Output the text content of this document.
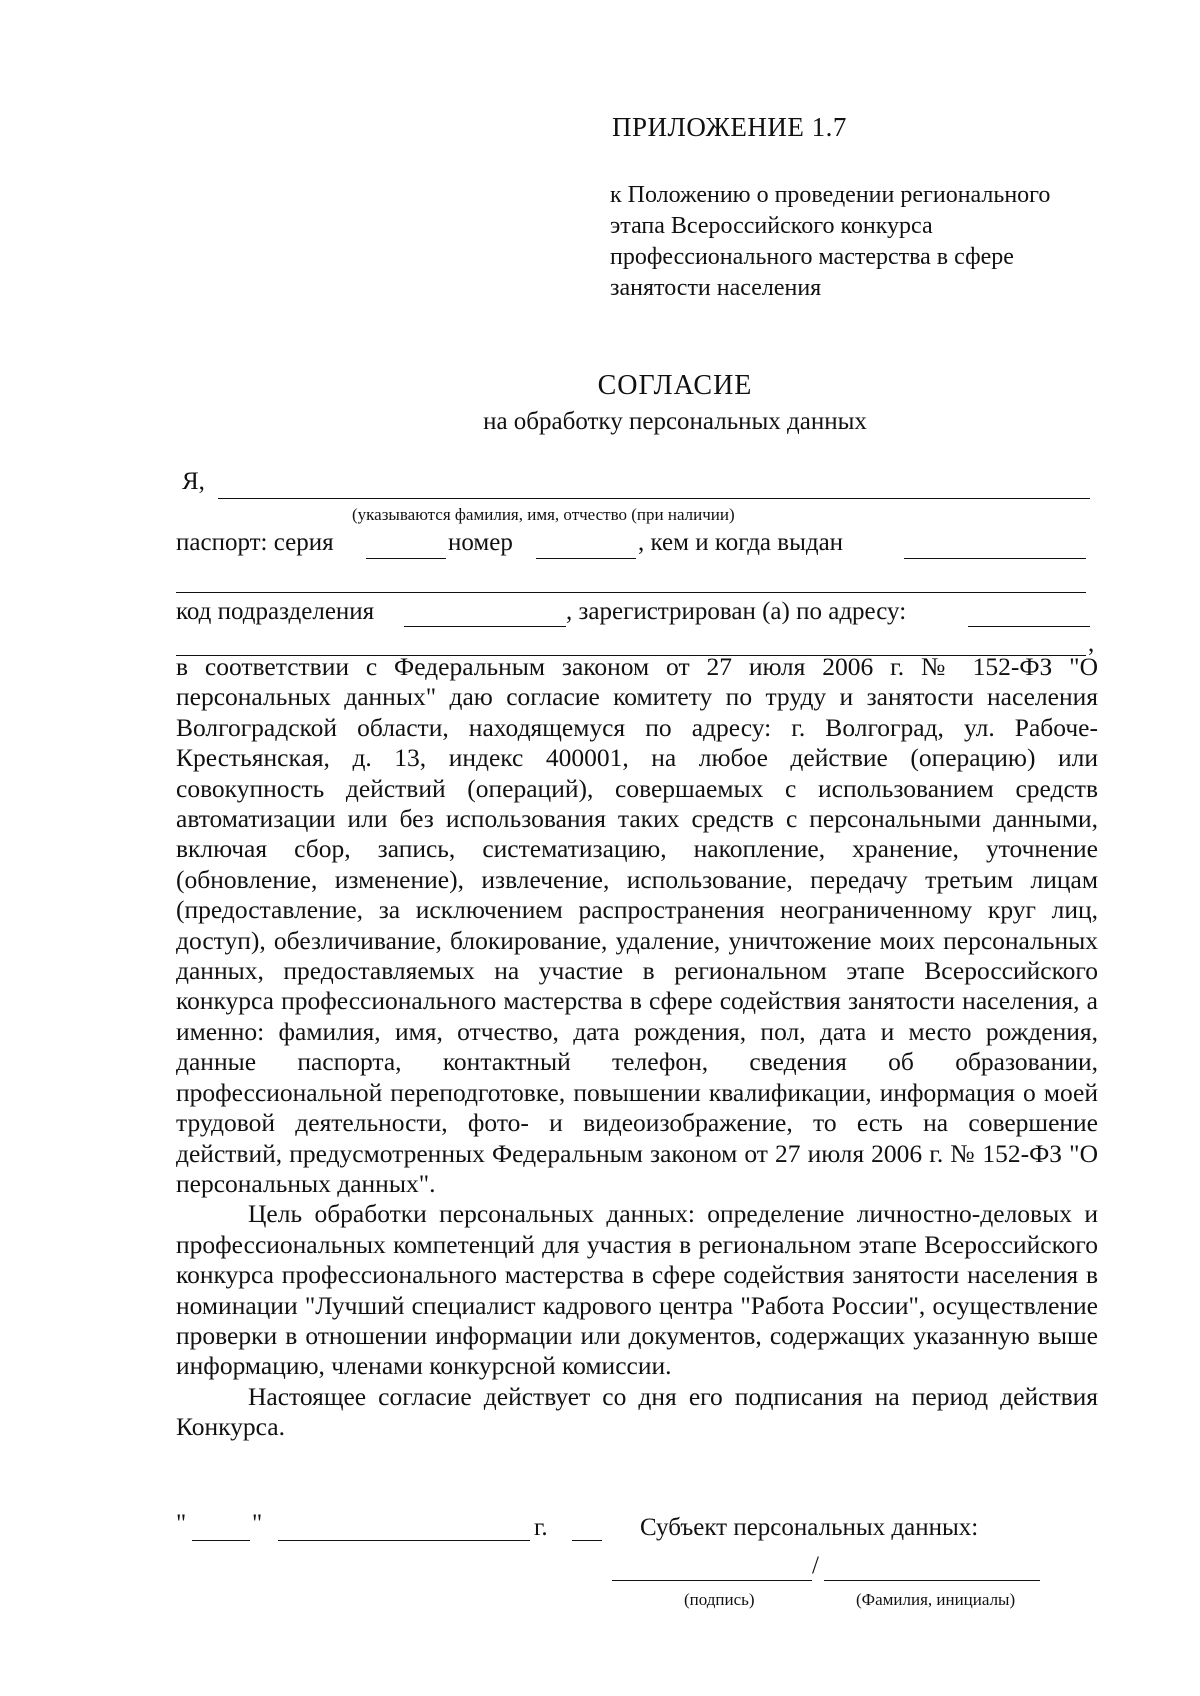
ПРИЛОЖЕНИЕ 1.7
к Положению о проведении регионального этапа Всероссийского конкурса профессионального мастерства в сфере занятости населения
СОГЛАСИЕ
на обработку персональных данных
Я,
(указываются фамилия, имя, отчество (при наличии)
паспорт: серия	номер	, кем и когда выдан
код подразделения	, зарегистрирован (а) по адресу:
,

в соответствии с Федеральным законом от 27 июля 2006 г. № 152-ФЗ "О персональных данных" даю согласие комитету по труду и занятости населения Волгоградской области, находящемуся по адресу: г. Волгоград, ул. Рабоче-Крестьянская, д. 13, индекс 400001, на любое действие (операцию) или совокупность действий (операций), совершаемых с использованием средств автоматизации или без использования таких средств с персональными данными, включая сбор, запись, систематизацию, накопление, хранение, уточнение (обновление, изменение), извлечение, использование, передачу третьим лицам (предоставление, за исключением распространения неограниченному круг лиц, доступ), обезличивание, блокирование, удаление, уничтожение моих персональных данных, предоставляемых на участие в региональном этапе Всероссийского конкурса профессионального мастерства в сфере содействия занятости населения, а именно: фамилия, имя, отчество, дата рождения, пол, дата и место рождения, данные паспорта, контактный телефон, сведения об образовании, профессиональной переподготовке, повышении квалификации, информация о моей трудовой деятельности, фото- и видеоизображение, то есть на совершение действий, предусмотренных Федеральным законом от 27 июля 2006 г. № 152-ФЗ "О персональных данных".

Цель обработки персональных данных: определение личностно-деловых и профессиональных компетенций для участия в региональном этапе Всероссийского конкурса профессионального мастерства в сфере содействия занятости населения в номинации "Лучший специалист кадрового центра "Работа России", осуществление проверки в отношении информации или документов, содержащих указанную выше информацию, членами конкурсной комиссии.

Настоящее согласие действует со дня его подписания на период действия Конкурса.

"	"	г.	Субъект персональных данных:
/
(подпись)	(Фамилия, инициалы)
